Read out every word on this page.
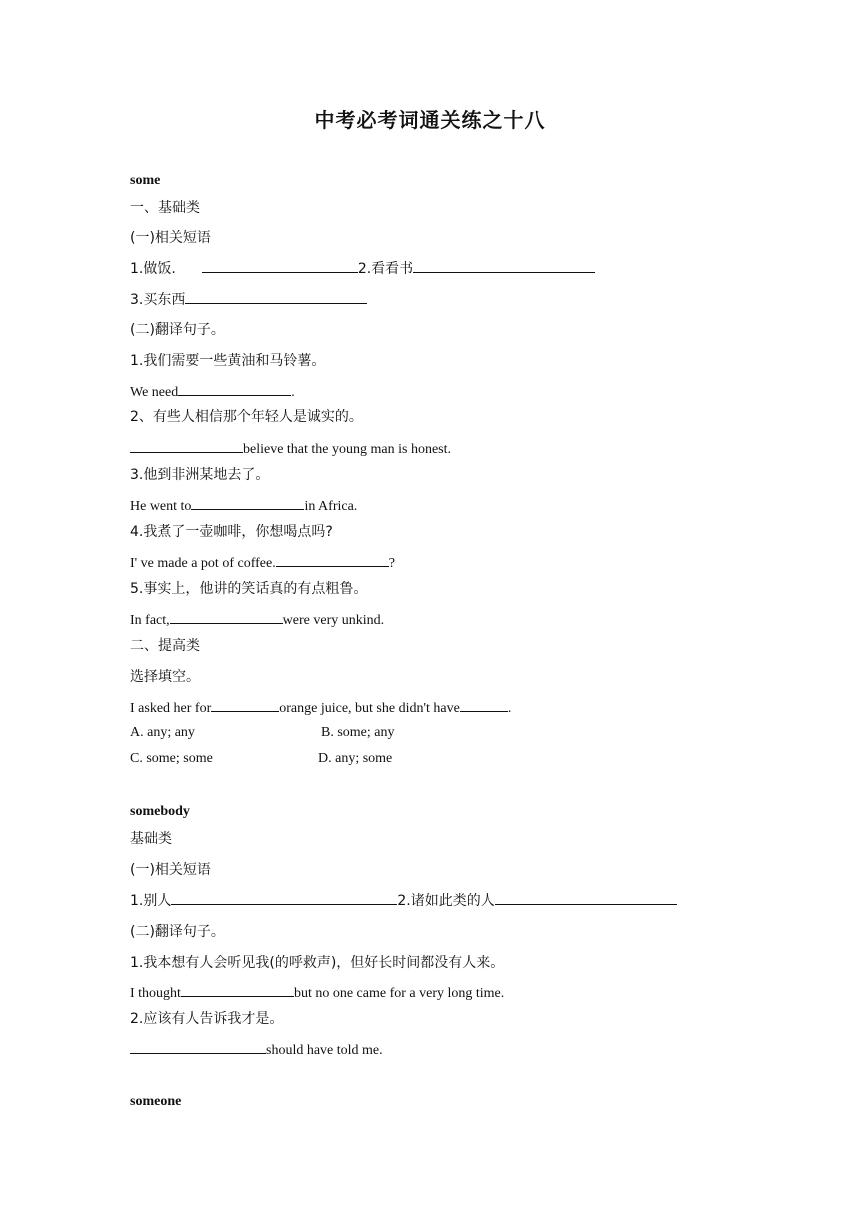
中考必考词通关练之十八
some
一、基础类
(一)相关短语
1.做饭.	2.看看书
3.买东西
(二)翻译句子。
1.我们需要一些黄油和马铃薯。
We need	.
2、有些人相信那个年轻人是诚实的。
believe that the young man is honest.
3.他到非洲某地去了。
He went to	in Africa.
4.我煮了一壶咖啡，你想喝点吗?
I' ve made a pot of coffee.	?
5.事实上，他讲的笑话真的有点粗鲁。
In fact,	were very unkind.
二、提高类
选择填空。
I asked her for	orange juice, but she didn't have	.
A. any; any	B. some; any
C. some; some	D. any; some
somebody
基础类
(一)相关短语
1.别人	2.诸如此类的人
(二)翻译句子。
1.我本想有人会听见我(的呼救声)，但好长时间都没有人来。
I thought	but no one came for a very long time.
2.应该有人告诉我才是。
should have told me.
someone
